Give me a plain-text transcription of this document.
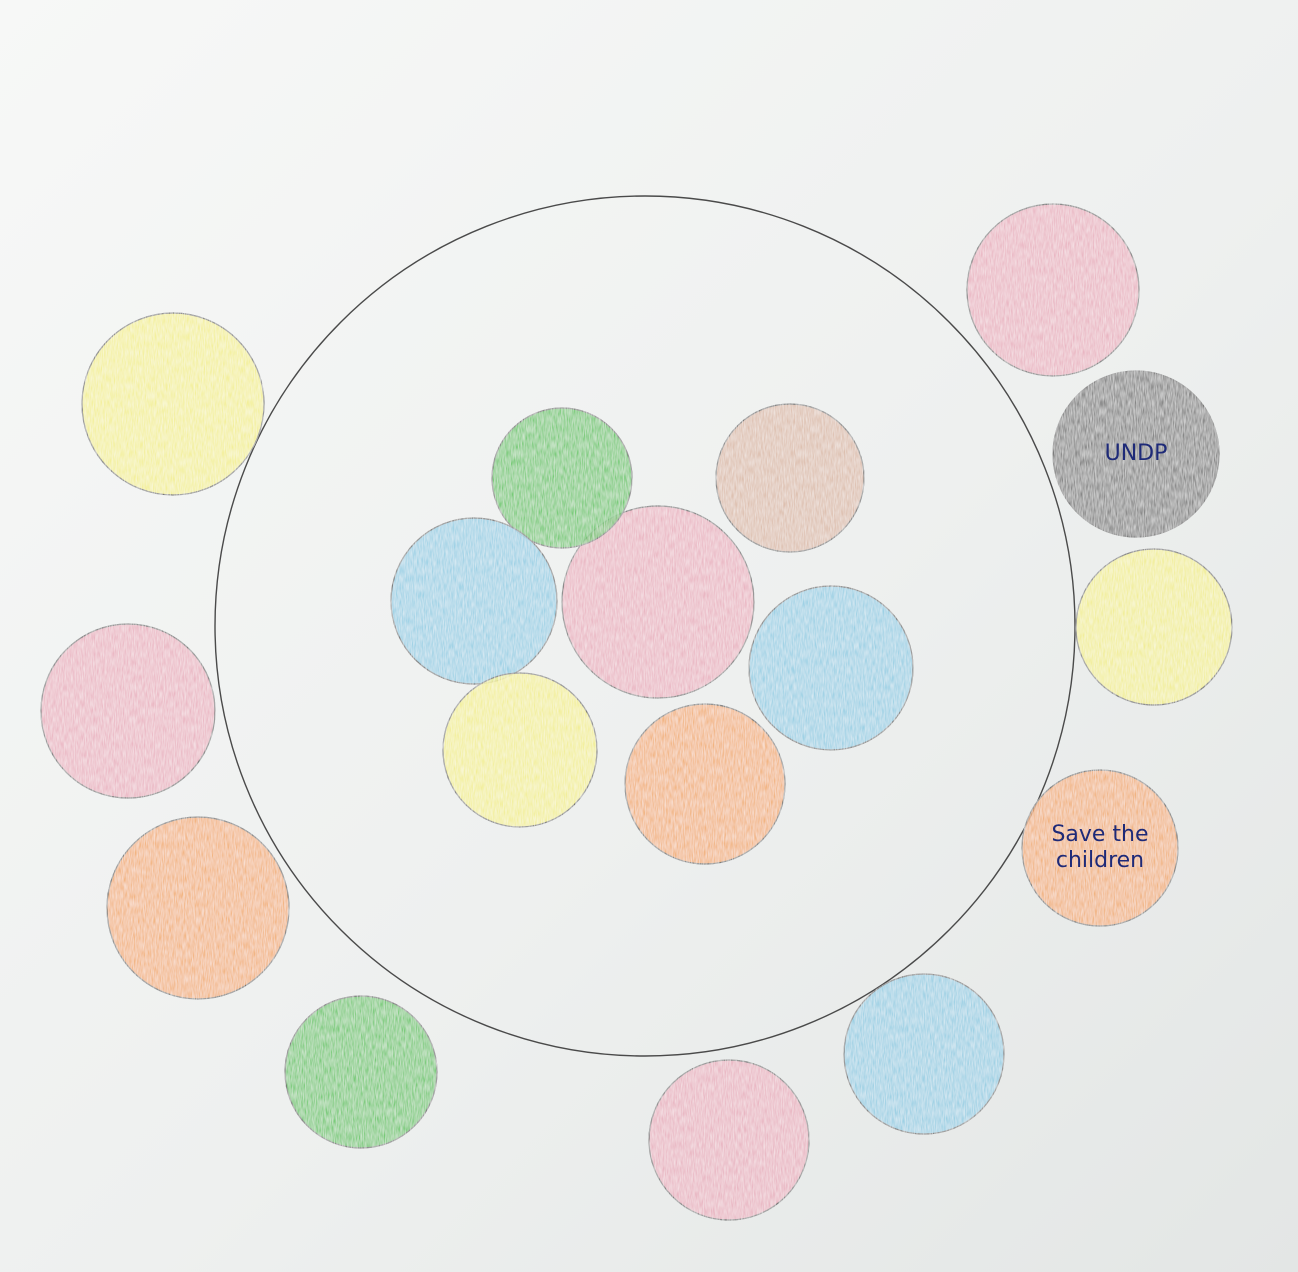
Save the children
UNDP
